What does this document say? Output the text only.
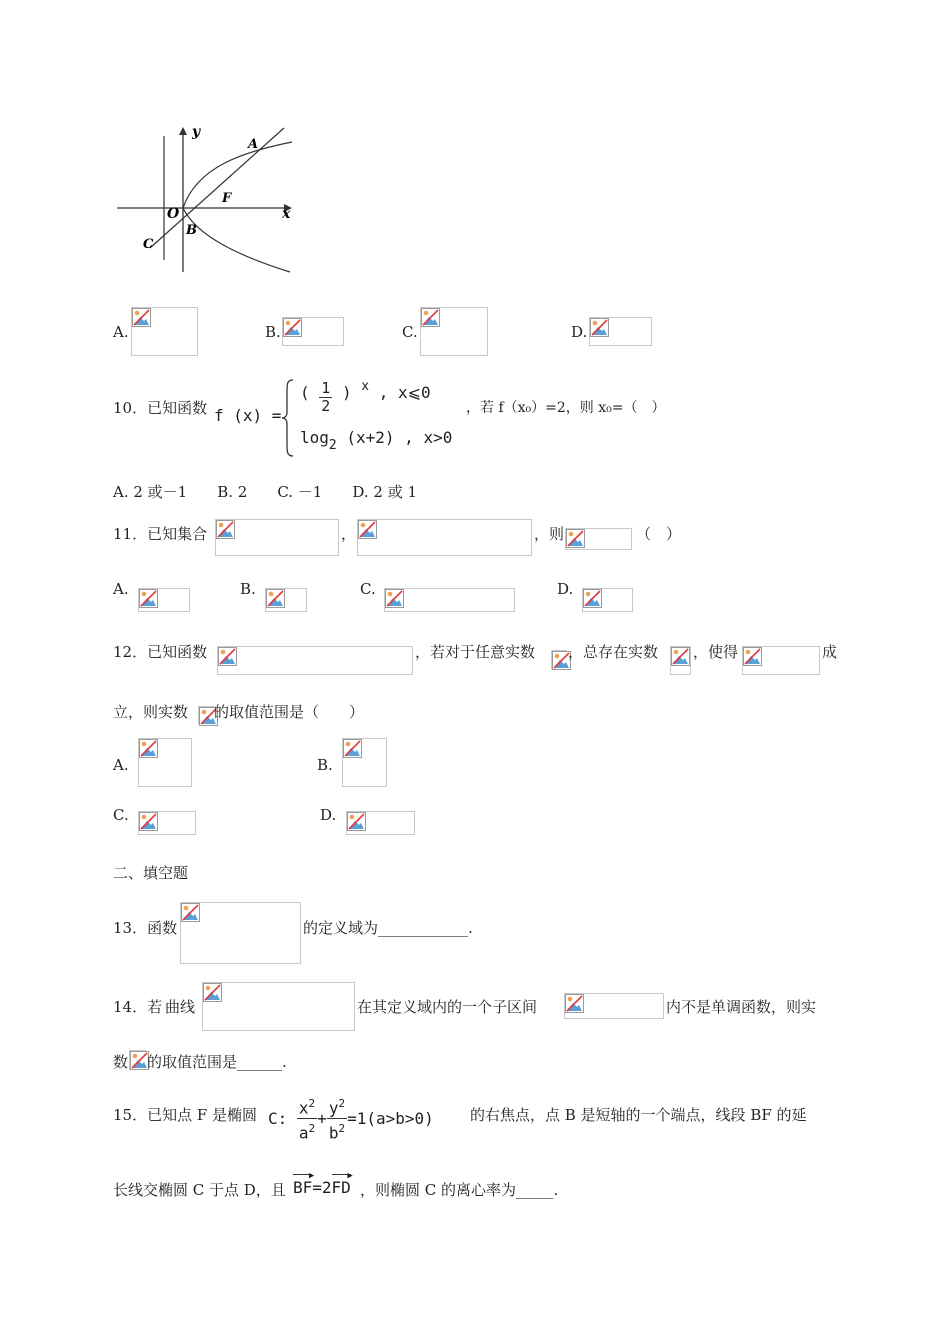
y
A
F
x
O
B
C
A.	B.	C.	D.
10．已知函数 f (x) =
( $\frac{1}{2}$ ) $^x$ , x⩽0
$\log_2 (x+2)$ , x>0
，若 f（x₀）=2，则 x₀=（　）
A. 2 或－1　　B. 2　　C. －1　　D. 2 或 1
11．已知集合	，	，则	（　）
A.	B.	C.	D.
12．已知函数	，若对于任意实数 ，总存在实数 ，使得	成
立，则实数 的取值范围是（　　）
A.	B.
C.	D.
二、填空题
13．函数	的定义域为____________.
14．若 曲线	在其定义域内的一个子区间	内不是单调函数，则实
数 的取值范围是______.
15．已知点 F 是椭圆 C: $\frac{x^2}{a^2} + \frac{y^2}{b^2} =1(a>b>0)$ 的右焦点，点 B 是短轴的一个端点，线段 BF 的延
长线交椭圆 C 于点 D，且
▶
BF=2
▶
FD ，则椭圆 C 的离心率为_____.
